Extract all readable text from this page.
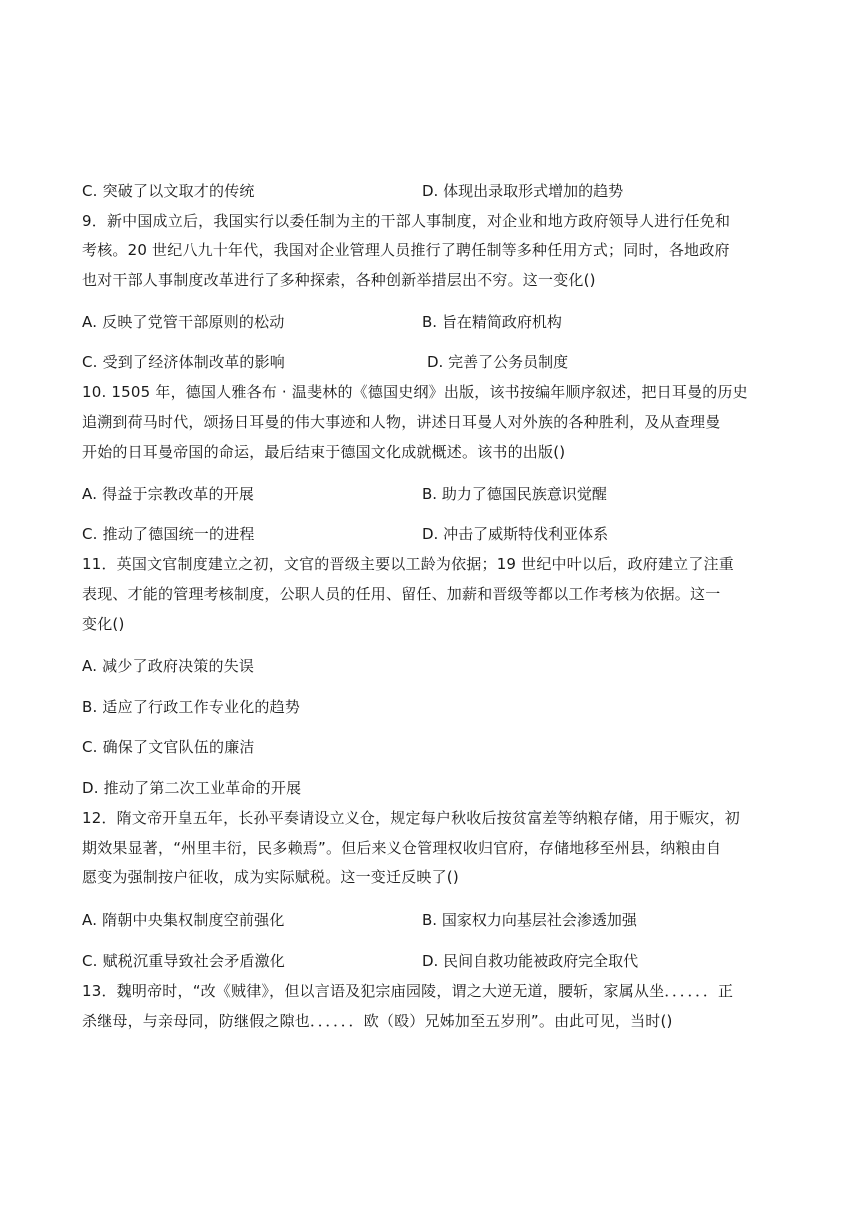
C. 突破了以文取才的传统	D. 体现出录取形式增加的趋势
9．新中国成立后，我国实行以委任制为主的干部人事制度，对企业和地方政府领导人进行任免和
考核。20 世纪八九十年代，我国对企业管理人员推行了聘任制等多种任用方式；同时，各地政府
也对干部人事制度改革进行了多种探索，各种创新举措层出不穷。这一变化()
A. 反映了党管干部原则的松动	B. 旨在精简政府机构
C. 受到了经济体制改革的影响	D. 完善了公务员制度
10. 1505 年，德国人雅各布 · 温斐林的《德国史纲》出版，该书按编年顺序叙述，把日耳曼的历史
追溯到荷马时代，颂扬日耳曼的伟大事迹和人物，讲述日耳曼人对外族的各种胜利，及从查理曼
开始的日耳曼帝国的命运，最后结束于德国文化成就概述。该书的出版()
A. 得益于宗教改革的开展	B. 助力了德国民族意识觉醒
C. 推动了德国统一的进程	D. 冲击了威斯特伐利亚体系
11．英国文官制度建立之初，文官的晋级主要以工龄为依据；19 世纪中叶以后，政府建立了注重
表现、才能的管理考核制度，公职人员的任用、留任、加薪和晋级等都以工作考核为依据。这一
变化()
A. 减少了政府决策的失误
B. 适应了行政工作专业化的趋势
C. 确保了文官队伍的廉洁
D. 推动了第二次工业革命的开展
12．隋文帝开皇五年，长孙平奏请设立义仓，规定每户秋收后按贫富差等纳粮存储，用于赈灾，初
期效果显著，“州里丰衍，民多赖焉”。但后来义仓管理权收归官府，存储地移至州县，纳粮由自
愿变为强制按户征收，成为实际赋税。这一变迁反映了()
A. 隋朝中央集权制度空前强化	B. 国家权力向基层社会渗透加强
C. 赋税沉重导致社会矛盾激化	D. 民间自救功能被政府完全取代
13．魏明帝时，“改《贼律》，但以言语及犯宗庙园陵，谓之大逆无道，腰斩，家属从坐．．．．．．正
杀继母，与亲母同，防继假之隙也．．．．．．欧（殴）兄姊加至五岁刑”。由此可见，当时()
